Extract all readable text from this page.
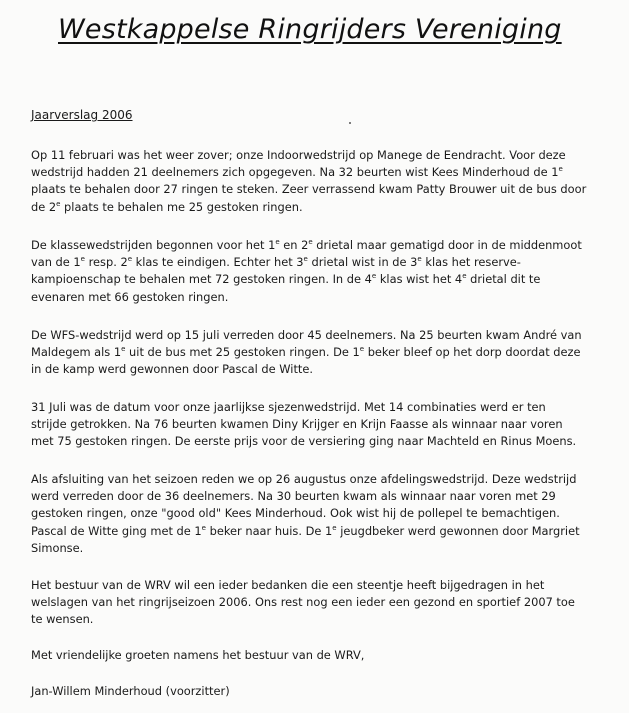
Westkappelse Ringrijders Vereniging
Jaarverslag 2006
Op 11 februari was het weer zover; onze Indoorwedstrijd op Manege de Eendracht. Voor deze
wedstrijd hadden 21 deelnemers zich opgegeven. Na 32 beurten wist Kees Minderhoud de 1e
plaats te behalen door 27 ringen te steken. Zeer verrassend kwam Patty Brouwer uit de bus door
de 2e plaats te behalen me 25 gestoken ringen.
De klassewedstrijden begonnen voor het 1e en 2e drietal maar gematigd door in de middenmoot
van de 1e resp. 2e klas te eindigen. Echter het 3e drietal wist in de 3e klas het reserve-
kampioenschap te behalen met 72 gestoken ringen. In de 4e klas wist het 4e drietal dit te
evenaren met 66 gestoken ringen.
De WFS-wedstrijd werd op 15 juli verreden door 45 deelnemers. Na 25 beurten kwam André van
Maldegem als 1e uit de bus met 25 gestoken ringen. De 1e beker bleef op het dorp doordat deze
in de kamp werd gewonnen door Pascal de Witte.
31 Juli was de datum voor onze jaarlijkse sjezenwedstrijd. Met 14 combinaties werd er ten
strijde getrokken. Na 76 beurten kwamen Diny Krijger en Krijn Faasse als winnaar naar voren
met 75 gestoken ringen. De eerste prijs voor de versiering ging naar Machteld en Rinus Moens.
Als afsluiting van het seizoen reden we op 26 augustus onze afdelingswedstrijd. Deze wedstrijd
werd verreden door de 36 deelnemers. Na 30 beurten kwam als winnaar naar voren met 29
gestoken ringen, onze "good old" Kees Minderhoud. Ook wist hij de pollepel te bemachtigen.
Pascal de Witte ging met de 1e beker naar huis. De 1e jeugdbeker werd gewonnen door Margriet
Simonse.
Het bestuur van de WRV wil een ieder bedanken die een steentje heeft bijgedragen in het
welslagen van het ringrijseizoen 2006. Ons rest nog een ieder een gezond en sportief 2007 toe
te wensen.
Met vriendelijke groeten namens het bestuur van de WRV,
Jan-Willem Minderhoud (voorzitter)
